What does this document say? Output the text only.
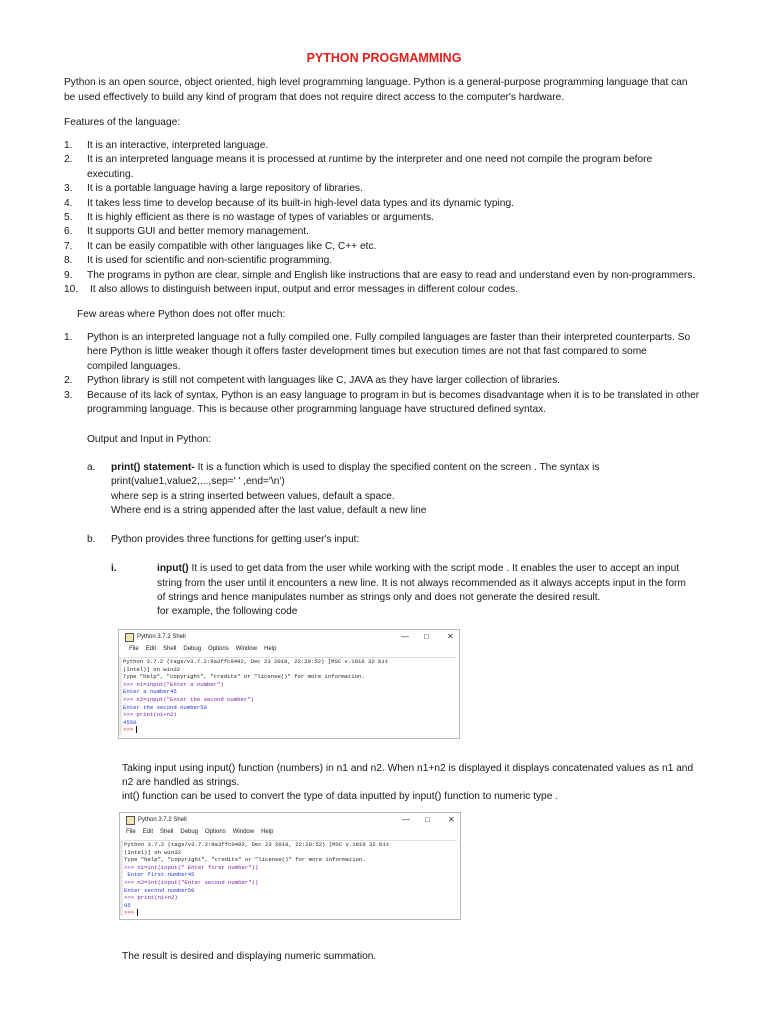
PYTHON PROGMAMMING
Python is an open source, object oriented, high level programming language. Python is a general-purpose programming language that can
be used effectively to build any kind of program that does not require direct access to the computer's hardware.
Features of the language:
1. It is an interactive, interpreted language.
2. It is an interpreted language means it is processed at runtime by the interpreter and one need not compile the program before
executing.
3. It is a portable language having a large repository of libraries.
4. It takes less time to develop because of its built-in high-level data types and its dynamic typing.
5. It is highly efficient as there is no wastage of types of variables or arguments.
6. It supports GUI and better memory management.
7. It can be easily compatible with other languages like C, C++ etc.
8. It is used for scientific and non-scientific programming.
9. The programs in python are clear, simple and English like instructions that are easy to read and understand even by non-programmers.
10. It also allows to distinguish between input, output and error messages in different colour codes.
Few areas where Python does not offer much:
1. Python is an interpreted language not a fully compiled one. Fully compiled languages are faster than their interpreted counterparts. So
here Python is little weaker though it offers faster development times but execution times are not that fast compared to some
compiled languages.
2. Python library is still not competent with languages like C, JAVA as they have larger collection of libraries.
3. Because of its lack of syntax, Python is an easy language to program in but is becomes disadvantage when it is to be translated in other
programming language. This is because other programming language have structured defined syntax.
Output and Input in Python:
a. print() statement- It is a function which is used to display the specified content on the screen . The syntax is
print(value1,value2,...,sep=' ' ,end='\n')
where sep is a string inserted between values, default a space.
Where end is a string appended after the last value, default a new line
b. Python provides three functions for getting user's input:
i.	input() It is used to get data from the user while working with the script mode . It enables the user to accept an input
string from the user until it encounters a new line. It is not always recommended as it always accepts input in the form
of strings and hence manipulates number as strings only and does not generate the desired result.
for example, the following code
Python 3.7.2 Shell	— □ ✕
File Edit Shell Debug Options Window Help
Python 3.7.2 (tags/v3.7.2:9a3ffc0492, Dec 23 2018, 22:20:52) [MSC v.1916 32 bit
(Intel)] on win32
Type "help", "copyright", "credits" or "license()" for more information.
>>> n1=input("Enter a number")
Enter a number45
>>> n2=input("Enter the second number")
Enter the second number50
>>> print(n1+n2)
4550
>>>
Taking input using input() function (numbers) in n1 and n2. When n1+n2 is displayed it displays concatenated values as n1 and
n2 are handled as strings.
int() function can be used to convert the type of data inputted by input() function to numeric type .
Python 3.7.2 Shell	— □ ✕
File Edit Shell Debug Options Window Help
Python 3.7.2 (tags/v3.7.2:9a3ffc0492, Dec 23 2018, 22:20:52) [MSC v.1916 32 bit
(Intel)] on win32
Type "help", "copyright", "credits" or "license()" for more information.
>>> n1=int(input(" Enter first number"))
Enter first number45
>>> n2=int(input("Enter second number"))
Enter second number50
>>> print(n1+n2)
95
>>>
The result is desired and displaying numeric summation.
